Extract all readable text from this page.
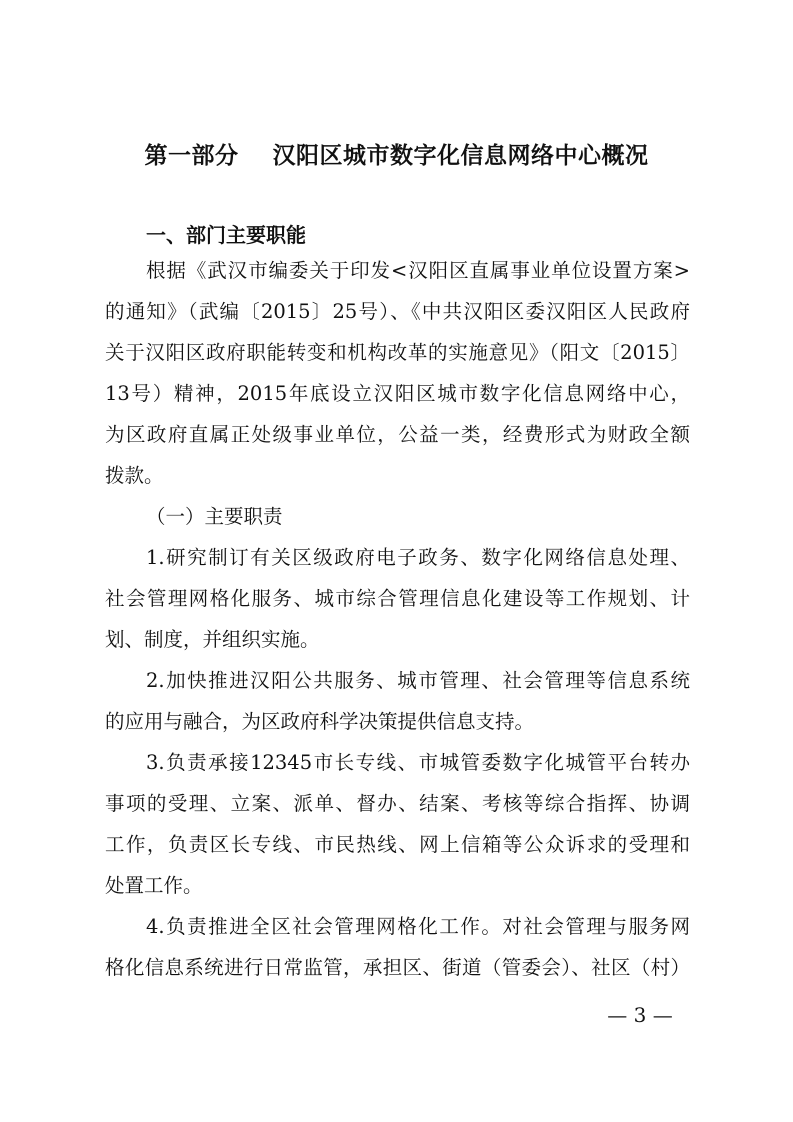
第一部分    汉阳区城市数字化信息网络中心概况
一、部门主要职能
根据《武汉市编委关于印发<汉阳区直属事业单位设置方案>
的通知》（武编〔2015〕25号）、《中共汉阳区委汉阳区人民政府
关于汉阳区政府职能转变和机构改革的实施意见》（阳文〔2015〕
13号）精神，2015年底设立汉阳区城市数字化信息网络中心，
为区政府直属正处级事业单位，公益一类，经费形式为财政全额
拨款。
（一）主要职责
1.研究制订有关区级政府电子政务、数字化网络信息处理、
社会管理网格化服务、城市综合管理信息化建设等工作规划、计
划、制度，并组织实施。
2.加快推进汉阳公共服务、城市管理、社会管理等信息系统
的应用与融合，为区政府科学决策提供信息支持。
3.负责承接12345市长专线、市城管委数字化城管平台转办
事项的受理、立案、派单、督办、结案、考核等综合指挥、协调
工作，负责区长专线、市民热线、网上信箱等公众诉求的受理和
处置工作。
4.负责推进全区社会管理网格化工作。对社会管理与服务网
格化信息系统进行日常监管，承担区、街道（管委会）、社区（村）
— 3 —
